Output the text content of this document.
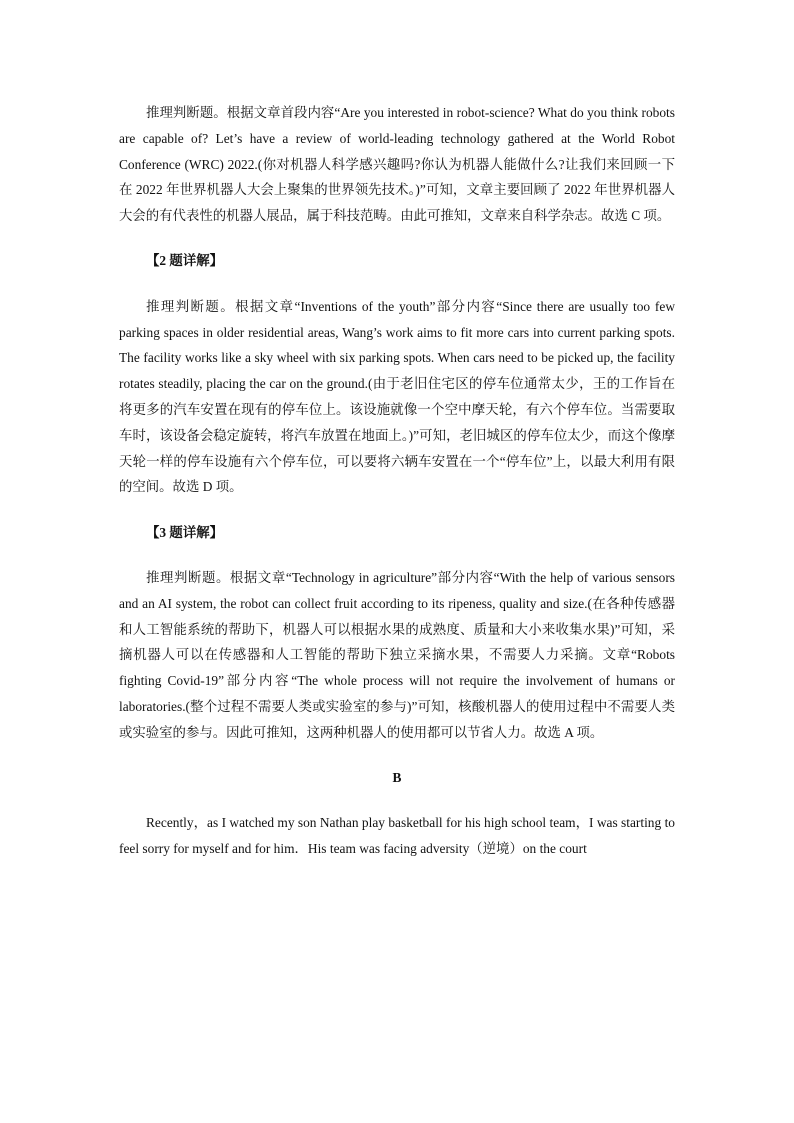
推理判断题。根据文章首段内容“Are you interested in robot-science? What do you think robots are capable of? Let’s have a review of world-leading technology gathered at the World Robot Conference (WRC) 2022.(你对机器人科学感兴趣吗?你认为机器人能做什么?让我们来回顾一下在 2022 年世界机器人大会上聚集的世界领先技术。)”可知，文章主要回顾了 2022 年世界机器人大会的有代表性的机器人展品，属于科技范畴。由此可推知，文章来自科学杂志。故选 C 项。

【2 题详解】

推理判断题。根据文章“Inventions of the youth”部分内容“Since there are usually too few parking spaces in older residential areas, Wang’s work aims to fit more cars into current parking spots. The facility works like a sky wheel with six parking spots. When cars need to be picked up, the facility rotates steadily, placing the car on the ground.(由于老旧住宅区的停车位通常太少，王的工作旨在将更多的汽车安置在现有的停车位上。该设施就像一个空中摩天轮，有六个停车位。当需要取车时，该设备会稳定旋转，将汽车放置在地面上。)”可知，老旧城区的停车位太少，而这个像摩天轮一样的停车设施有六个停车位，可以要将六辆车安置在一个“停车位”上，以最大利用有限的空间。故选 D 项。

【3 题详解】

推理判断题。根据文章“Technology in agriculture”部分内容“With the help of various sensors and an AI system, the robot can collect fruit according to its ripeness, quality and size.(在各种传感器和人工智能系统的帮助下，机器人可以根据水果的成熟度、质量和大小来收集水果)”可知，采摘机器人可以在传感器和人工智能的帮助下独立采摘水果，不需要人力采摘。文章“Robots fighting Covid-19”部分内容“The whole process will not require the involvement of humans or laboratories.(整个过程不需要人类或实验室的参与)”可知，核酸机器人的使用过程中不需要人类或实验室的参与。因此可推知，这两种机器人的使用都可以节省人力。故选 A 项。

B

Recently，as I watched my son Nathan play basketball for his high school team，I was starting to feel sorry for myself and for him．His team was facing adversity（逆境）on the court
